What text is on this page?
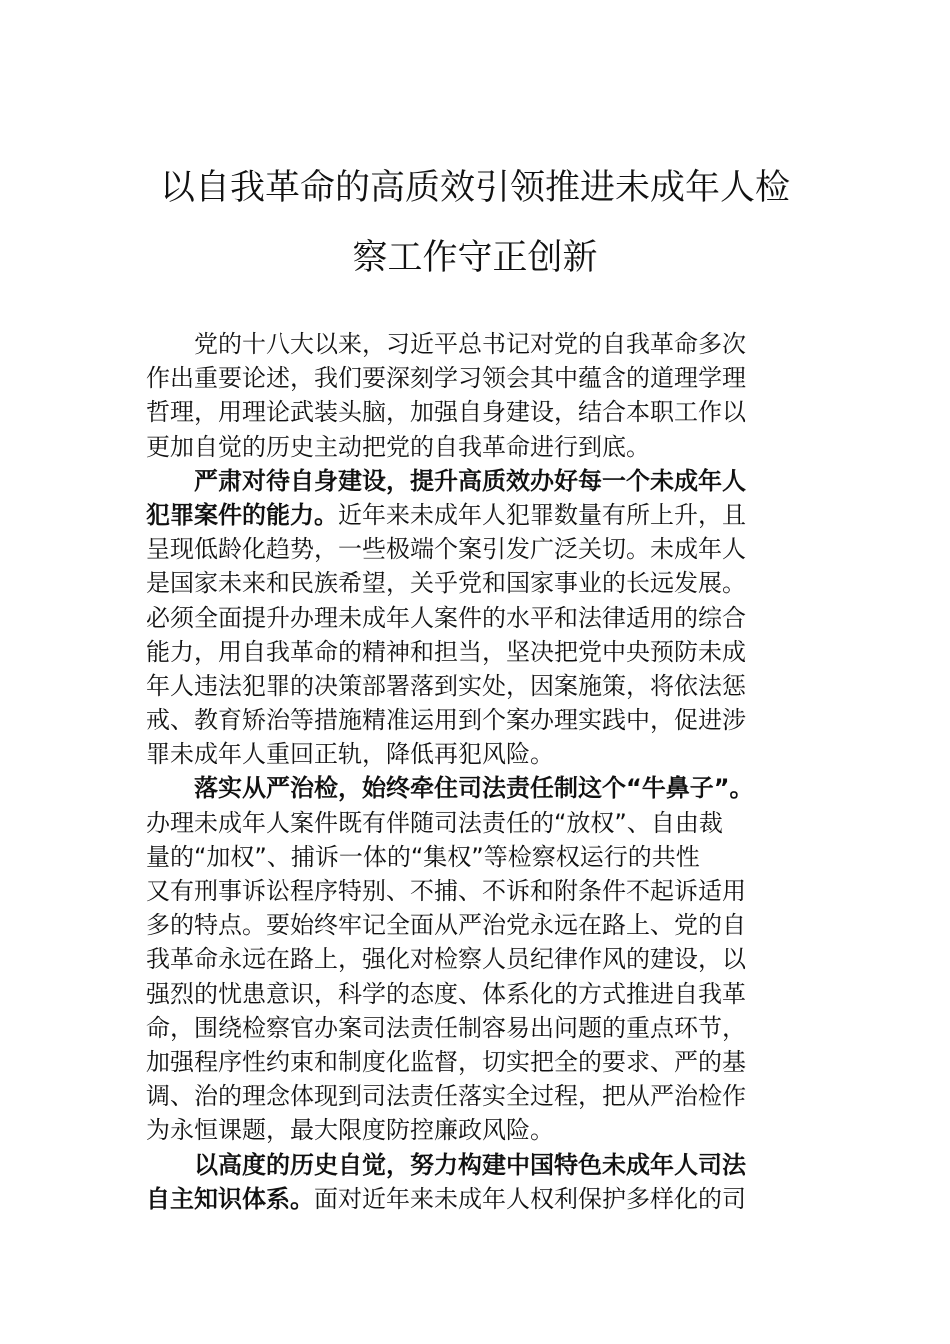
以自我革命的高质效引领推进未成年人检
察工作守正创新
党的十八大以来，习近平总书记对党的自我革命多次
作出重要论述，我们要深刻学习领会其中蕴含的道理学理
哲理，用理论武装头脑，加强自身建设，结合本职工作以
更加自觉的历史主动把党的自我革命进行到底。
严肃对待自身建设，提升高质效办好每一个未成年人
犯罪案件的能力。近年来未成年人犯罪数量有所上升，且
呈现低龄化趋势，一些极端个案引发广泛关切。未成年人
是国家未来和民族希望，关乎党和国家事业的长远发展。
必须全面提升办理未成年人案件的水平和法律适用的综合
能力，用自我革命的精神和担当，坚决把党中央预防未成
年人违法犯罪的决策部署落到实处，因案施策，将依法惩
戒、教育矫治等措施精准运用到个案办理实践中，促进涉
罪未成年人重回正轨，降低再犯风险。
落实从严治检，始终牵住司法责任制这个“牛鼻子”。
办理未成年人案件既有伴随司法责任的“放权”、自由裁
量的“加权”、捕诉一体的“集权”等检察权运行的共性
又有刑事诉讼程序特别、不捕、不诉和附条件不起诉适用
多的特点。要始终牢记全面从严治党永远在路上、党的自
我革命永远在路上，强化对检察人员纪律作风的建设，以
强烈的忧患意识，科学的态度、体系化的方式推进自我革
命，围绕检察官办案司法责任制容易出问题的重点环节，
加强程序性约束和制度化监督，切实把全的要求、严的基
调、治的理念体现到司法责任落实全过程，把从严治检作
为永恒课题，最大限度防控廉政风险。
以高度的历史自觉，努力构建中国特色未成年人司法
自主知识体系。面对近年来未成年人权利保护多样化的司
